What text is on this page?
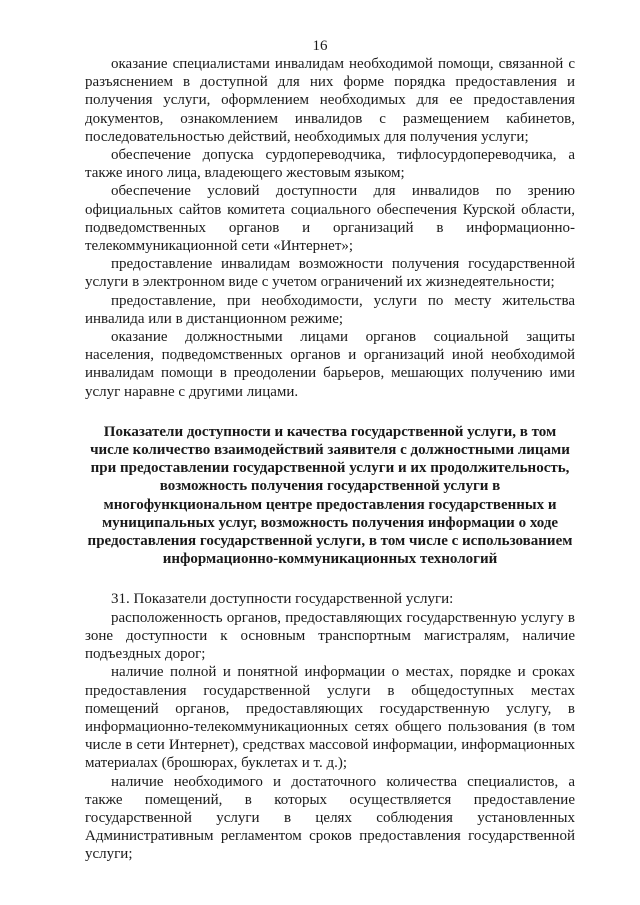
16

оказание специалистами инвалидам необходимой помощи, связанной с разъяснением в доступной для них форме порядка предоставления и получения услуги, оформлением необходимых для ее предоставления документов, ознакомлением инвалидов с размещением кабинетов, последовательностью действий, необходимых для получения услуги;

обеспечение допуска сурдопереводчика, тифлосурдопереводчика, а также иного лица, владеющего жестовым языком;

обеспечение условий доступности для инвалидов по зрению официальных сайтов комитета социального обеспечения Курской области, подведомственных органов и организаций в информационно-телекоммуникационной сети «Интернет»;

предоставление инвалидам возможности получения государственной услуги в электронном виде с учетом ограничений их жизнедеятельности;

предоставление, при необходимости, услуги по месту жительства инвалида или в дистанционном режиме;

оказание должностными лицами органов социальной защиты населения, подведомственных органов и организаций иной необходимой инвалидам помощи в преодолении барьеров, мешающих получению ими услуг наравне с другими лицами.

Показатели доступности и качества государственной услуги, в том числе количество взаимодействий заявителя с должностными лицами при предоставлении государственной услуги и их продолжительность, возможность получения государственной услуги в многофункциональном центре предоставления государственных и муниципальных услуг, возможность получения информации о ходе предоставления государственной услуги, в том числе с использованием информационно-коммуникационных технологий

31. Показатели доступности государственной услуги:

расположенность органов, предоставляющих государственную услугу в зоне доступности к основным транспортным магистралям, наличие подъездных дорог;

наличие полной и понятной информации о местах, порядке и сроках предоставления государственной услуги в общедоступных местах помещений органов, предоставляющих государственную услугу, в информационно-телекоммуникационных сетях общего пользования (в том числе в сети Интернет), средствах массовой информации, информационных материалах (брошюрах, буклетах и т. д.);

наличие необходимого и достаточного количества специалистов, а также помещений, в которых осуществляется предоставление государственной услуги в целях соблюдения установленных Административным регламентом сроков предоставления государственной услуги;
